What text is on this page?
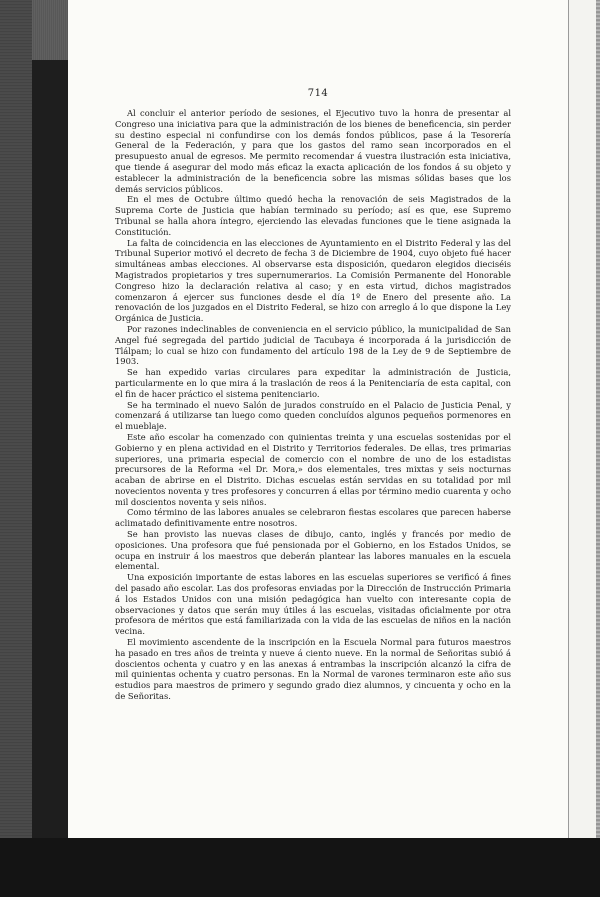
714

Al concluir el anterior período de sesiones, el Ejecutivo tuvo la honra de presentar al Congreso una iniciativa para que la administración de los bienes de beneficencia, sin perder su destino especial ni confundirse con los demás fondos públicos, pase á la Tesorería General de la Federación, y para que los gastos del ramo sean incorporados en el presupuesto anual de egresos. Me permito recomendar á vuestra ilustración esta iniciativa, que tiende á asegurar del modo más eficaz la exacta aplicación de los fondos á su objeto y establecer la administración de la beneficencia sobre las mismas sólidas bases que los demás servicios públicos.

En el mes de Octubre último quedó hecha la renovación de seis Magistrados de la Suprema Corte de Justicia que habían terminado su período; así es que, ese Supremo Tribunal se halla ahora íntegro, ejerciendo las elevadas funciones que le tiene asignada la Constitución.

La falta de coincidencia en las elecciones de Ayuntamiento en el Distrito Federal y las del Tribunal Superior motivó el decreto de fecha 3 de Diciembre de 1904, cuyo objeto fué hacer simultáneas ambas elecciones. Al observarse esta disposición, quedaron elegidos dieciséis Magistrados propietarios y tres supernumerarios. La Comisión Permanente del Honorable Congreso hizo la declaración relativa al caso; y en esta virtud, dichos magistrados comenzaron á ejercer sus funciones desde el día 1º de Enero del presente año. La renovación de los juzgados en el Distrito Federal, se hizo con arreglo á lo que dispone la Ley Orgánica de Justicia.

Por razones indeclinables de conveniencia en el servicio público, la municipalidad de San Angel fué segregada del partido judicial de Tacubaya é incorporada á la jurisdicción de Tlálpam; lo cual se hizo con fundamento del artículo 198 de la Ley de 9 de Septiembre de 1903.

Se han expedido varias circulares para expeditar la administración de Justicia, particularmente en lo que mira á la traslación de reos á la Penitenciaría de esta capital, con el fin de hacer práctico el sistema penitenciario.

Se ha terminado el nuevo Salón de jurados construído en el Palacio de Justicia Penal, y comenzará á utilizarse tan luego como queden concluídos algunos pequeños pormenores en el mueblaje.

Este año escolar ha comenzado con quinientas treinta y una escuelas sostenidas por el Gobierno y en plena actividad en el Distrito y Territorios federales. De ellas, tres primarias superiores, una primaria especial de comercio con el nombre de uno de los estadistas precursores de la Reforma «el Dr. Mora,» dos elementales, tres mixtas y seis nocturnas acaban de abrirse en el Distrito. Dichas escuelas están servidas en su totalidad por mil novecientos noventa y tres profesores y concurren á ellas por término medio cuarenta y ocho mil doscientos noventa y seis niños.

Como término de las labores anuales se celebraron fiestas escolares que parecen haberse aclimatado definitivamente entre nosotros.

Se han provisto las nuevas clases de dibujo, canto, inglés y francés por medio de oposiciones. Una profesora que fué pensionada por el Gobierno, en los Estados Unidos, se ocupa en instruir á los maestros que deberán plantear las labores manuales en la escuela elemental.

Una exposición importante de estas labores en las escuelas superiores se verificó á fines del pasado año escolar. Las dos profesoras enviadas por la Dirección de Instrucción Primaria á los Estados Unidos con una misión pedagógica han vuelto con interesante copia de observaciones y datos que serán muy útiles á las escuelas, visitadas oficialmente por otra profesora de méritos que está familiarizada con la vida de las escuelas de niños en la nación vecina.

El movimiento ascendente de la inscripción en la Escuela Normal para futuros maestros ha pasado en tres años de treinta y nueve á ciento nueve. En la normal de Señoritas subió á doscientos ochenta y cuatro y en las anexas á entrambas la inscripción alcanzó la cifra de mil quinientas ochenta y cuatro personas. En la Normal de varones terminaron este año sus estudios para maestros de primero y segundo grado diez alumnos, y cincuenta y ocho en la de Señoritas.
